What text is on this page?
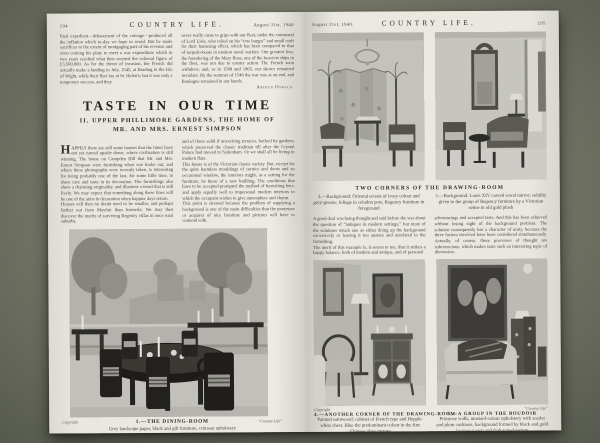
194	COUNTRY LIFE.	August 31st, 1940
final expedient—debasement of the coinage—produced all the inflation which to-day we hope to avoid. But he made sacrifices to the extent of mortgaging part of his revenue and even coining his plate to meet a war expenditure which in two years reached what then seemed the colossal figure of £3,500,000. As for the threat of invasion, the French did actually make a landing in July, 1545, at Brading in the Isle of Wight, while their fleet lay at St. Helen's; but it was only a temporary success, and they
never really came to grips with our fleet, under the command of Lord Lisle, who relied on his “row barges” and small craft for their harassing effect, which has been compared to that of torpedo-boats in modern naval warfare. Our greatest loss, the foundering of the Mary Rose, one of the heaviest ships in the fleet, was not due to enemy action. The French soon withdrew, and, as in 1588 and 1805, our shores remained inviolate. By the summer of 1546 the war was at an end, and Boulogne remained in our hands.
Arthur Oswald.
TASTE IN OUR TIME
II. UPPER PHILLIMORE GARDENS, THE HOME OF
MR. AND MRS. ERNEST SIMPSON

HAPPILY there are still some houses that the times have not yet turned upside down, where civilisation is still winning. The house on Campden Hill that Mr. and Mrs. Ernest Simpson were furnishing when war broke out, and where these photographs were recently taken, is interesting for being probably one of the last, for some little time, to show care and taste in its decoration. The furnishings also show a charming originality, and illustrate a trend that is still lively. We may expect that something along these lines will be one of the aims in decoration when happier days return.
Houses will then no doubt need to be smaller, and perhaps farther out from Mayfair than formerly. We may then discover the merits of surviving Regency villas in once rural suburbs,

and of those solid if unexciting terraces, backed by gardens, which preserved the classic tradition till after the Crystal Palace had moved to Sydenham. Or we shall all be living in modern flats.
This house is of the Victorian classic variety. But, except for the quite harmless mouldings of cornice and doors and an occasional window, the interiors might, as a setting for the furniture, be those of a new building. The conditions that have to be accepted prompted the method of furnishing here, and apply equally well to impersonal modern interiors to which the occupant wishes to give atmosphere and charm.
This point is stressed because the problem of supplying a background is one of the main difficulties that the possessor or acquirer of nice furniture and pictures will have to contend with.
Copyright	1.—THE DINING-ROOM	“Country Life”
Grey landscape paper, black and gilt furniture, crimson upholstery
August 31st, 1940.	COUNTRY LIFE.	195
TWO CORNERS OF THE DRAWING-ROOM
2.—Background: Oriental screen of ivory colour and grey-greens; foliage in celadon pots; Regency furniture in foreground
3.—Background: Louis XIV carved wood mirror; solidity given to the group of Regency furniture by a Victorian settee in old gold plush
A good deal was being thought and said before the war about the question of “antiques in modern settings,” but most of the solutions struck one as either doing up the background excessively or leaving it too austere and unrelated to the furnishing.
The merit of this example is, it seems to me, that it strikes a happy balance, both of modern and antique, and of personal
adventurings and accepted taste. And this has been achieved without losing sight of the background problem. The solution consequently has a character of unity, because the three factors involved have been considered simultaneously. Actually, of course, these processes of thought are subconscious, which makes taste such an interesting topic of discussion.
Copyright	“Country Life”
4.—ANOTHER CORNER OF THE DRAWING-ROOM
Painted satinwood; cabinet of French type and Hepple-white chest. Blue the predominant colour in the fine Chinese glass picture
5.—A GROUP IN THE BOUDOIR
Primrose walls, mustard-colour upholstery with scarlet and plum cushions; background formed by black and gold lacquer screen and dark-toned picture
